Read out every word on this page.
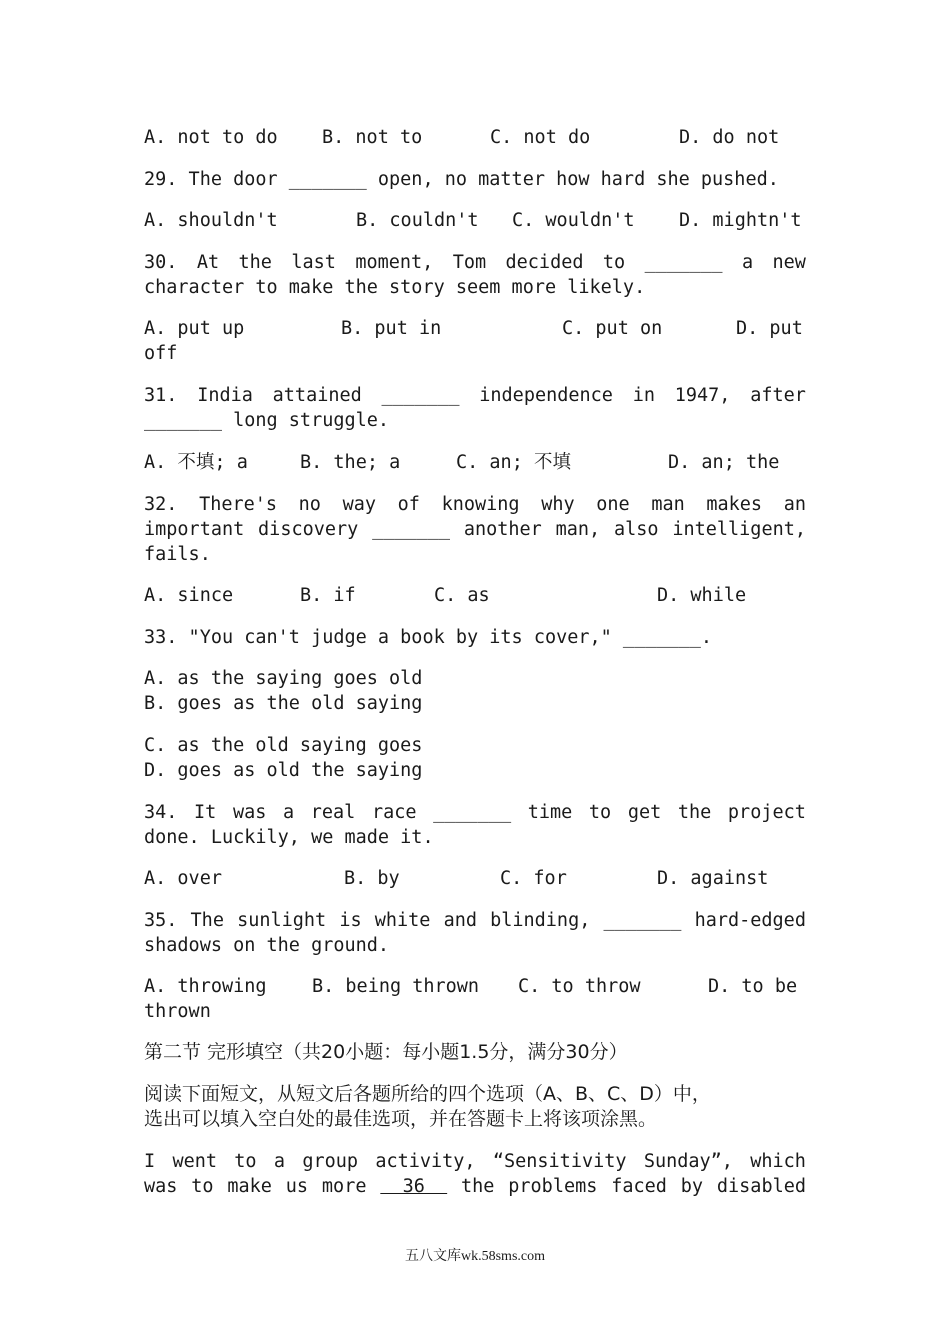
A. not to do B. not to	C. not do	D. do not
29. The door _______ open, no matter how hard she pushed.
A. shouldn't	B. couldn't C. wouldn't D. mightn't
30. At the last moment, Tom decided to _______ a new
character to make the story seem more likely.
A. put up	B. put in	C. put on	D. put
off
31. India attained _______ independence in 1947, after
_______ long struggle.
A. 不填; a	B. the; a	C. an; 不填	D. an; the
32. There's no way of knowing why one man makes an
important discovery _______ another man, also intelligent,
fails.
A. since	B. if	C. as	D. while
33. "You can't judge a book by its cover," _______.
A. as the saying goes old
B. goes as the old saying
C. as the old saying goes
D. goes as old the saying
34. It was a real race _______ time to get the project
done. Luckily, we made it.
A. over	B. by	C. for	D. against
35. The sunlight is white and blinding, _______ hard-edged
shadows on the ground.
A. throwing B. being thrown C. to throw	D. to be
thrown
第二节 完形填空（共20小题：每小题1.5分，满分30分）
阅读下面短文，从短文后各题所给的四个选项（A、B、C、D）中，
选出可以填入空白处的最佳选项，并在答题卡上将该项涂黑。
I went to a group activity, “Sensitivity Sunday”, which
was to make us more 36 the problems faced by disabled
五八文库wk.58sms.com
